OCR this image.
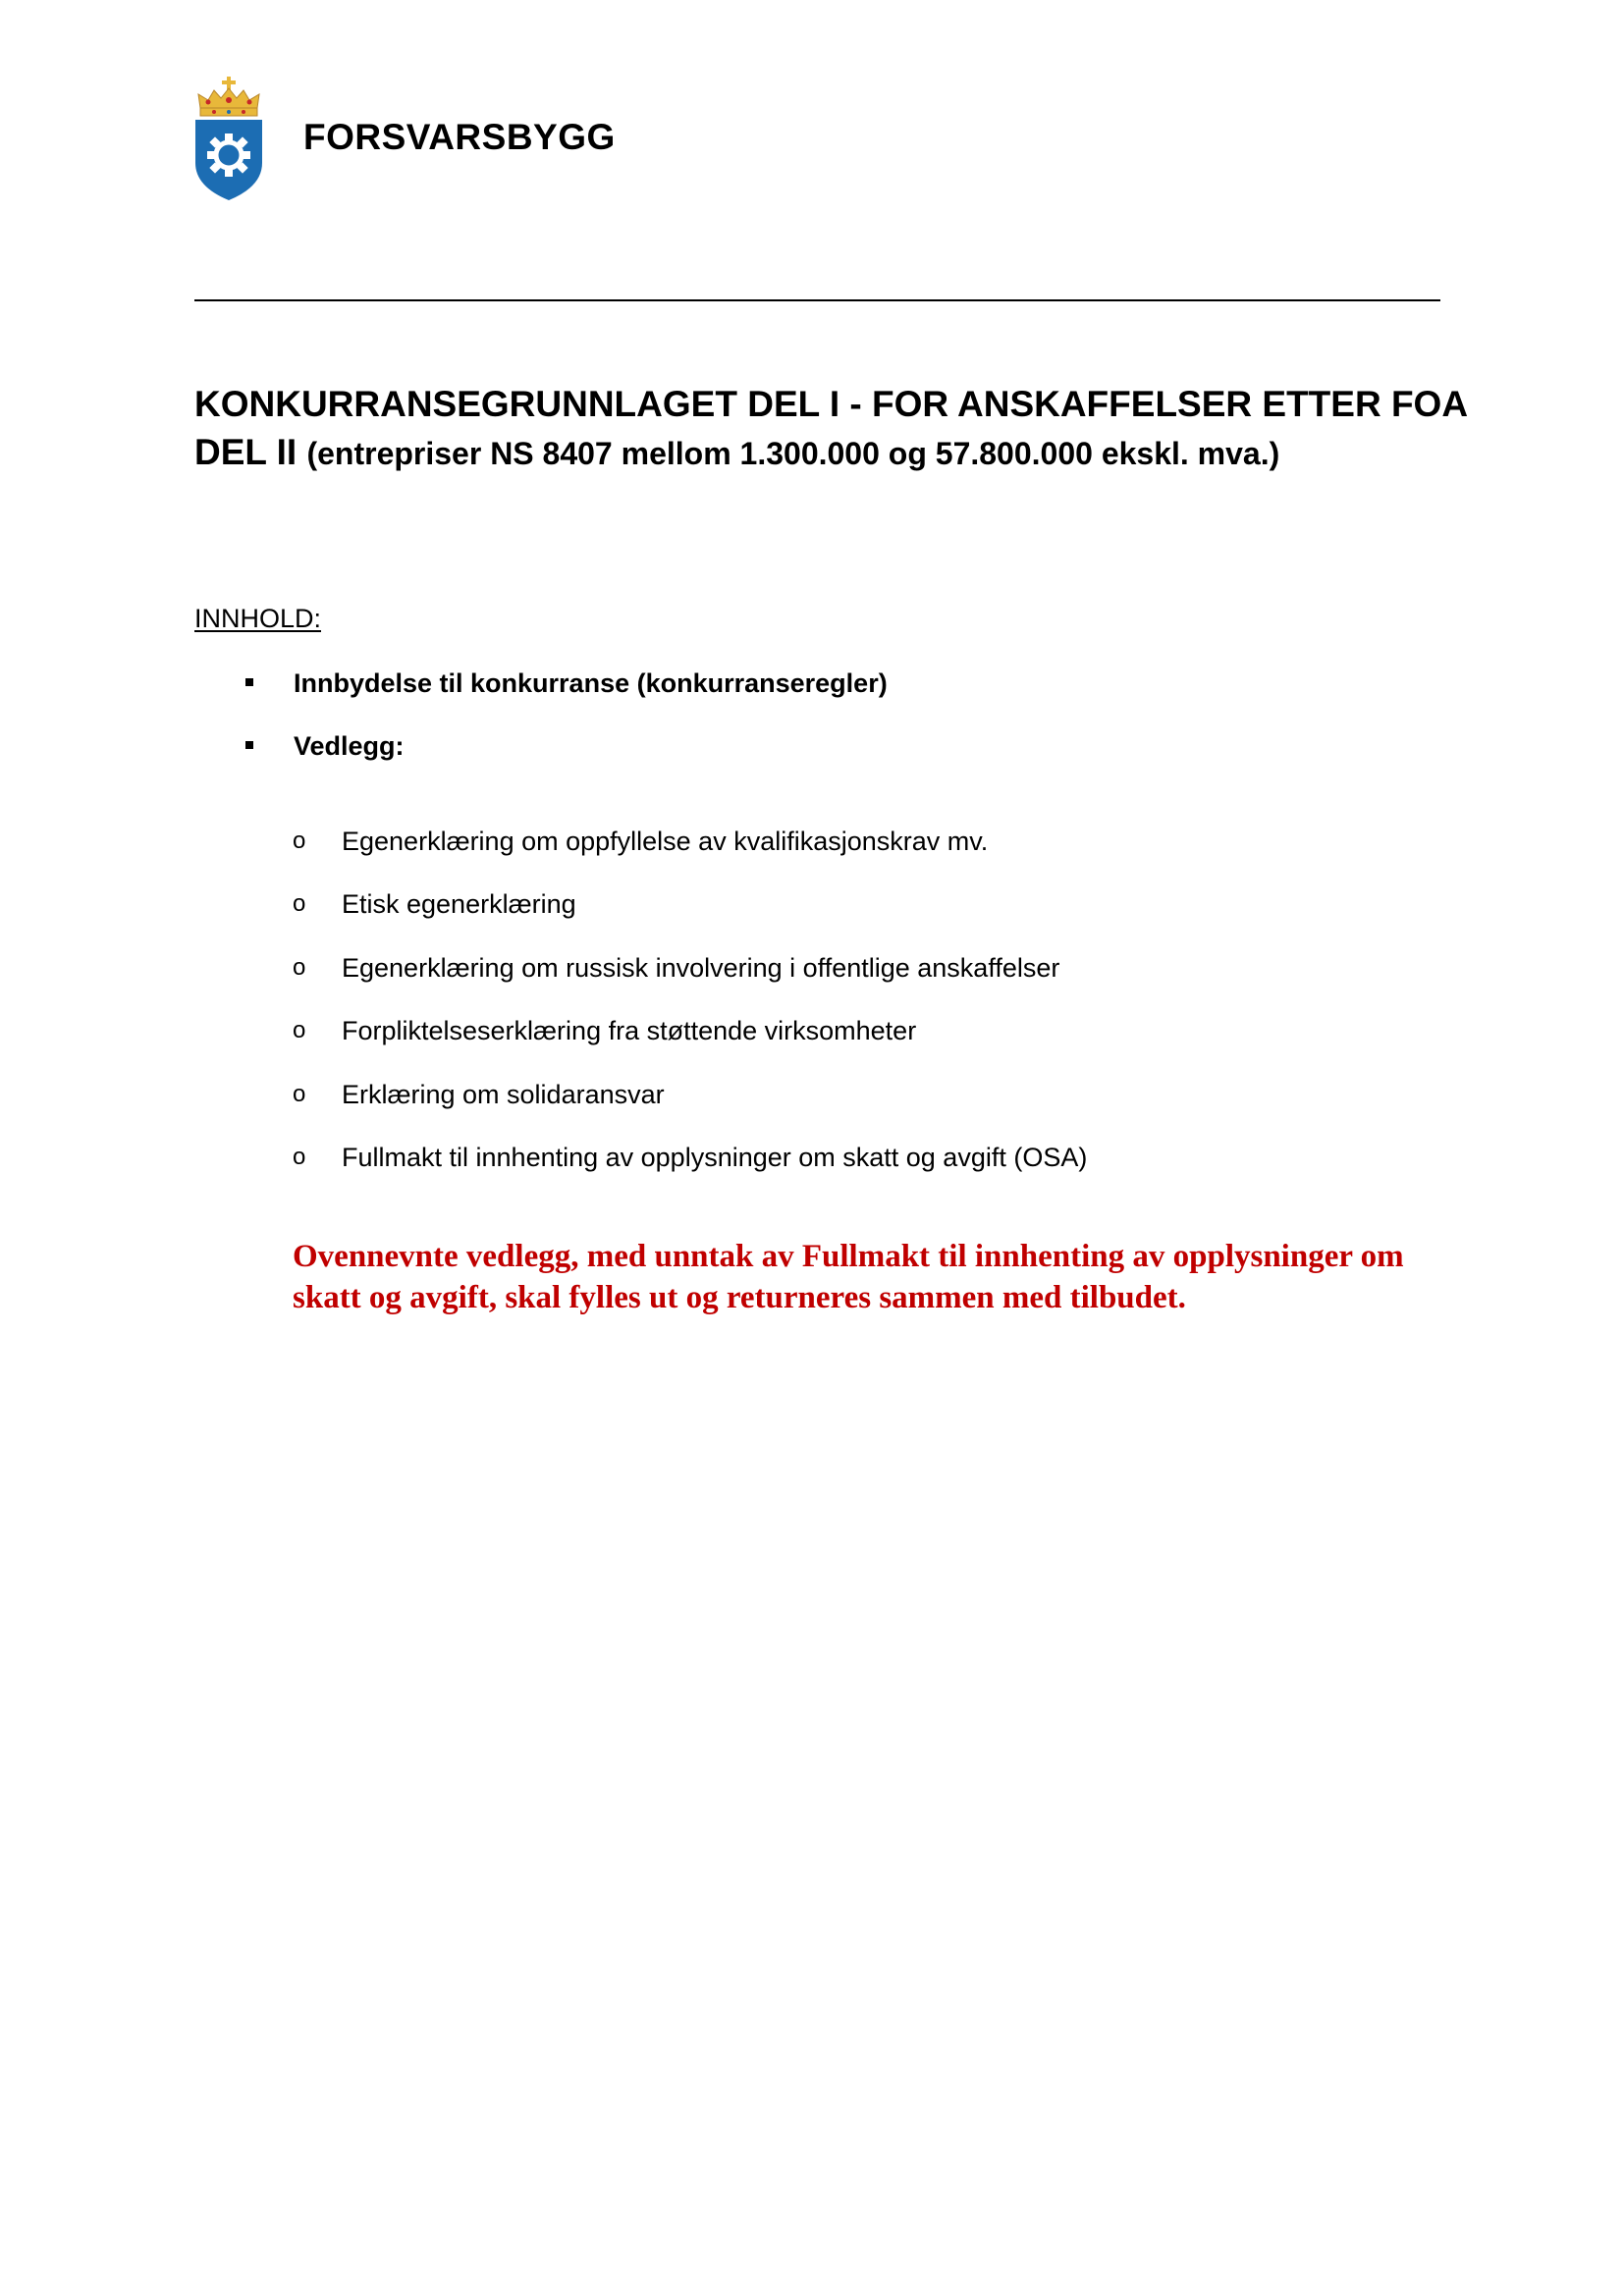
FORSVARSBYGG
KONKURRANSEGRUNNLAGET DEL I - FOR ANSKAFFELSER ETTER FOA DEL II (entrepriser NS 8407 mellom 1.300.000 og 57.800.000 ekskl. mva.)
INNHOLD:
Innbydelse til konkurranse (konkurranseregler)
Vedlegg:
o Egenerklæring om oppfyllelse av kvalifikasjonskrav mv.
o Etisk egenerklæring
o Egenerklæring om russisk involvering i offentlige anskaffelser
o Forpliktelseserklæring fra støttende virksomheter
o Erklæring om solidaransvar
o Fullmakt til innhenting av opplysninger om skatt og avgift (OSA)
Ovennevnte vedlegg, med unntak av Fullmakt til innhenting av opplysninger om skatt og avgift, skal fylles ut og returneres sammen med tilbudet.
